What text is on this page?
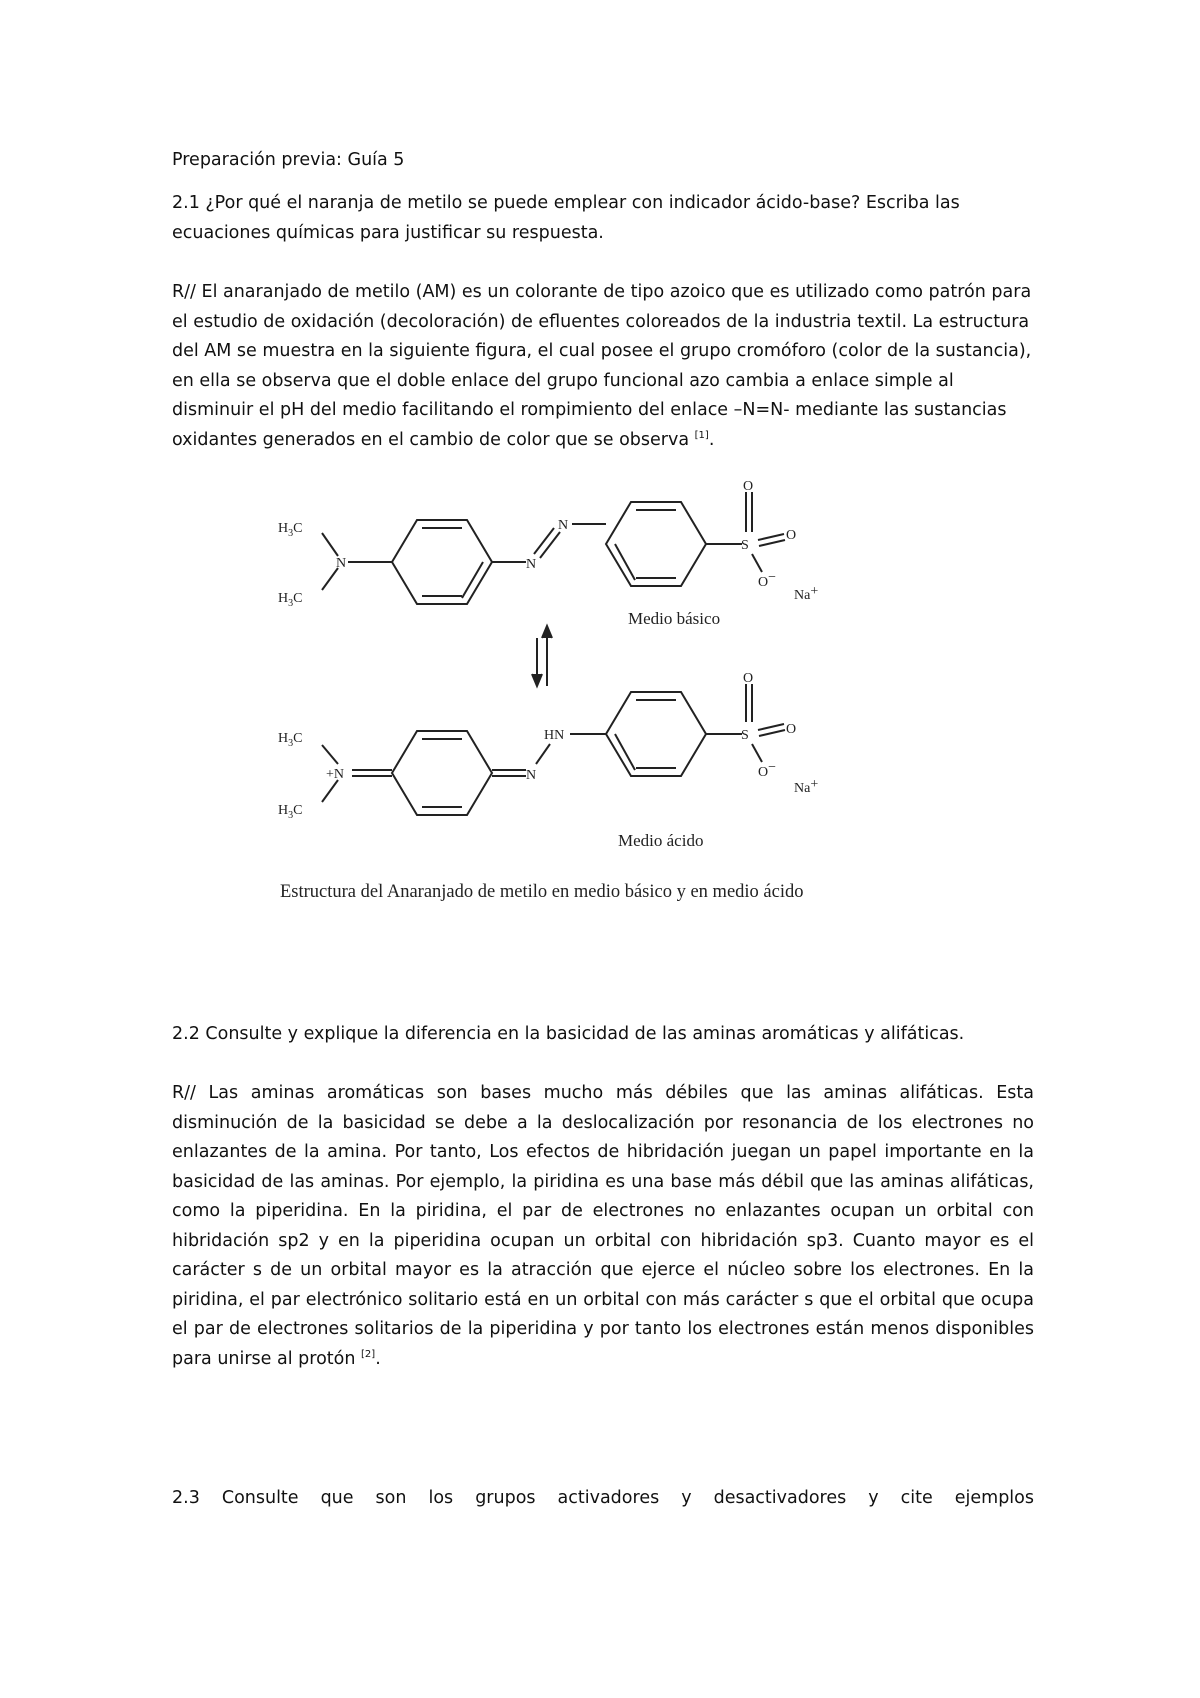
Preparación previa: Guía 5
2.1 ¿Por qué el naranja de metilo se puede emplear con indicador ácido-base? Escriba las ecuaciones químicas para justificar su respuesta.
R// El anaranjado de metilo (AM) es un colorante de tipo azoico que es utilizado como patrón para el estudio de oxidación (decoloración) de efluentes coloreados de la industria textil. La estructura del AM se muestra en la siguiente figura, el cual posee el grupo cromóforo (color de la sustancia), en ella se observa que el doble enlace del grupo funcional azo cambia a enlace simple al disminuir el pH del medio facilitando el rompimiento del enlace –N=N- mediante las sustancias oxidantes generados en el cambio de color que se observa [1].
$H_3C$
$H_3C$
N	N
N
S
O
O
O−
Na+
$H_3C$
$H_3C$
+N	N
HN	S
O
O
O−
Na+
Medio básico
Medio ácido
Estructura del Anaranjado de metilo en medio básico y en medio ácido
2.2 Consulte y explique la diferencia en la basicidad de las aminas aromáticas y alifáticas.
R// Las aminas aromáticas son bases mucho más débiles que las aminas alifáticas. Esta disminución de la basicidad se debe a la deslocalización por resonancia de los electrones no enlazantes de la amina. Por tanto, Los efectos de hibridación juegan un papel importante en la basicidad de las aminas. Por ejemplo, la piridina es una base más débil que las aminas alifáticas, como la piperidina. En la piridina, el par de electrones no enlazantes ocupan un orbital con hibridación sp2 y en la piperidina ocupan un orbital con hibridación sp3. Cuanto mayor es el carácter s de un orbital mayor es la atracción que ejerce el núcleo sobre los electrones. En la piridina, el par electrónico solitario está en un orbital con más carácter s que el orbital que ocupa el par de electrones solitarios de la piperidina y por tanto los electrones están menos disponibles para unirse al protón [2].
2.3 Consulte que son los grupos activadores y desactivadores y cite ejemplos
